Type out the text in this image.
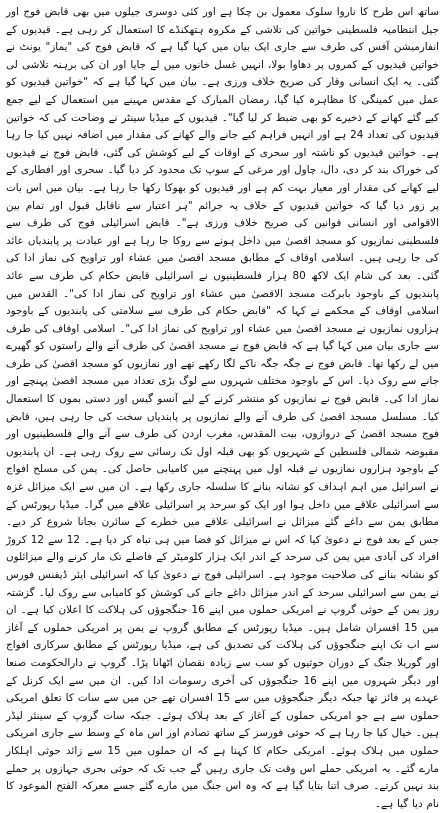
ساتھ اس طرح کا ناروا سلوک معمول بن چکا ہے اور کئی دوسری جیلوں میں بھی قابض فوج اور جیل انتظامیہ فلسطینی خواتین کی تلاشی کے مکروہ ہتھکنڈے کا استعمال کر رہی ہے۔ قیدیوں کے انفارمیشن آفس کی طرف سے جاری ایک بیان میں کہا گیا ہے کہ قابض فوج کی "یماز" یونٹ نے خواتین قیدیوں کے کمروں پر دھاوا بولا، انہیں غسل خانوں میں لے جایا اور ان کی برہنہ تلاشی لی گئی۔ یہ ایک انسانی وقار کی صریح خلاف ورزی ہے۔ بیان میں کہا گیا ہے کہ "خواتین قیدیوں کو عمل میں کمینگی کا مظاہرہ کیا گیا، رمضان المبارک کے مقدس مہینے میں استعمال کے لیے جمع کیے گئے کھانے کے ذخیرے کو بھی ضبط کر لیا گیا"۔ قیدیوں کے میڈیا سینٹر نے وضاحت کی کہ خواتین قیدیوں کی تعداد 24 ہے اور انہیں فراہم کیے جانے والے کھانے کی مقدار میں اضافہ نہیں کیا جا رہا ہے۔ خواتین قیدیوں کو ناشتہ اور سحری کے اوقات کے لیے کوشش کی گئی، قابض فوج نے قیدیوں کی خوراک بند کر دی، دال، چاول اور مرغی کے سوپ تک محدود کر دیا گیا۔ سحری اور افطاری کے لیے کھانے کی مقدار اور معیار بہت کم ہے اور قیدیوں کو بھوکا رکھا جا رہا ہے۔ بیان میں اس بات پر زور دیا گیا کہ خواتین قیدیوں کے خلاف یہ جرائم "ہر اعتبار سے ناقابل قبول اور تمام بین الاقوامی اور انسانی قوانین کی صریح خلاف ورزی ہے"۔ قابض اسرائیلی فوج کی طرف سے فلسطینی نمازیوں کو مسجد اقصیٰ میں داخل ہونے سے روکا جا رہا ہے اور عبادت پر پابندیاں عائد کی جا رہی ہیں۔ اسلامی اوقاف کے مطابق مسجد اقصیٰ میں عشاء اور تراویح کی نماز ادا کی گئی۔ بعد کی شام ایک لاکھ 80 ہزار فلسطینیوں نے اسرائیلی قابض حکام کی طرف سے عائد پابندیوں کے باوجود بابرکت مسجد الاقصیٰ میں عشاء اور تراویح کی نماز ادا کی"۔ القدس میں اسلامی اوقاف کے محکمے نے کہا کہ "قابض حکام کی طرف سے سلامتی کی پابندیوں کے باوجود ہزاروں نمازیوں نے مسجد اقصیٰ میں عشاء اور تراویح کی نماز ادا کی"۔ اسلامی اوقاف کی طرف سے جاری بیان میں کہا گیا ہے کہ قابض فوج نے مسجد اقصیٰ کی طرف آنے والے راستوں کو گھیرے میں لے رکھا تھا۔ قابض فوج نے جگہ جگہ ناکے لگا رکھے تھے اور نمازیوں کو مسجد اقصیٰ کی طرف جانے سے روک دیا۔ اس کے باوجود مختلف شہروں سے لوگ بڑی تعداد میں مسجد اقصیٰ پہنچے اور نماز ادا کی۔ قابض فوج نے نمازیوں کو منتشر کرنے کے لیے آنسو گیس اور دستی بموں کا استعمال کیا۔ مسلسل مسجد اقصیٰ کی طرف آنے والے نمازیوں پر پابندیاں سخت کی جا رہی ہیں، قابض فوج مسجد اقصیٰ کے دروازوں، بیت المقدس، مغرب اردن کی طرف سے آنے والے فلسطینیوں اور مقبوضہ شمالی فلسطین کے شہریوں کو بھی قبلہ اول تک رسائی سے روک رہی ہے۔ ان پابندیوں کے باوجود ہزاروں نمازیوں نے قبلہ اول میں پہنچنے میں کامیابی حاصل کی۔ یمن کی مسلح افواج نے اسرائیل میں اہم اہداف کو نشانہ بنانے کا سلسلہ جاری رکھا ہے۔ ان میں سے ایک میزائل غزہ سے اسرائیلی علاقے میں داخل ہوا اور ایک کو سرحد پر اسرائیلی علاقے میں گرا۔ میڈیا رپورٹس کے مطابق یمن سے داغے گئے میزائل نے اسرائیلی علاقے میں خطرے کے سائرن بجانا شروع کر دیے۔ جس کے بعد فوج نے دعویٰ کیا کہ اس نے میزائل کو فضا میں ہی تباہ کر دیا ہے۔ 12 سے 12 کروڑ افراد کی آبادی میں یمن کی سرحد کے اندر ایک ہزار کلومیٹر کے فاصلے تک مار کرنے والے میزائلوں کو نشانہ بنانے کی صلاحیت موجود ہے۔ اسرائیلی فوج نے دعویٰ کیا کہ اسرائیلی ایئر ڈیفنس فورس نے یمن سے اسرائیلی سرحد کے اندر میزائل داغے جانے کی کوشش کو کامیابی سے روک لیا۔ گزشتہ روز یمن کے حوثی گروپ نے امریکی حملوں میں اپنے 16 جنگجوؤں کی ہلاکت کا اعلان کیا ہے۔ ان میں 15 افسران شامل ہیں۔ میڈیا رپورٹس کے مطابق گروپ نے یمن پر امریکی حملوں کے آغاز سے اب تک اپنے جنگجوؤں کی ہلاکت کی تصدیق کی ہے، میڈیا رپورٹس کے مطابق سرکاری افواج اور گوریلا جنگ کے دوران حوثیوں کو سب سے زیادہ نقصان اٹھانا پڑا۔ گروپ نے دارالحکومت صنعا اور دیگر شہروں میں اپنے 16 جنگجوؤں کی آخری رسومات ادا کیں۔ ان میں سے ایک کرنل کے عہدے پر فائز تھا جبکہ دیگر جنگجوؤں میں سے 15 افسران تھے جن میں سے سات کا تعلق امریکی حملوں سے ہے جو امریکی حملوں کے آغاز کے بعد ہلاک ہوئے۔ جبکہ سات گروپ کے سینئر لیڈر ہیں۔ خیال کیا جا رہا ہے کہ حوثی فورسز کے ساتھ تصادم اور اس ماہ کے وسط سے جاری امریکی حملوں میں ہلاک ہوئے۔ امریکی حکام کا کہنا ہے کہ ان حملوں میں 15 سے زائد حوثی اہلکار مارے گئے۔ یہ امریکی حملے اس وقت تک جاری رہیں گے جب تک کہ حوثی بحری جہازوں پر حملے بند نہیں کرتے۔ صرف اتنا بتایا گیا ہے کہ وہ اس جنگ میں مارے گئے جسے معرکہ الفتح الموعود کا نام دیا گیا ہے۔
